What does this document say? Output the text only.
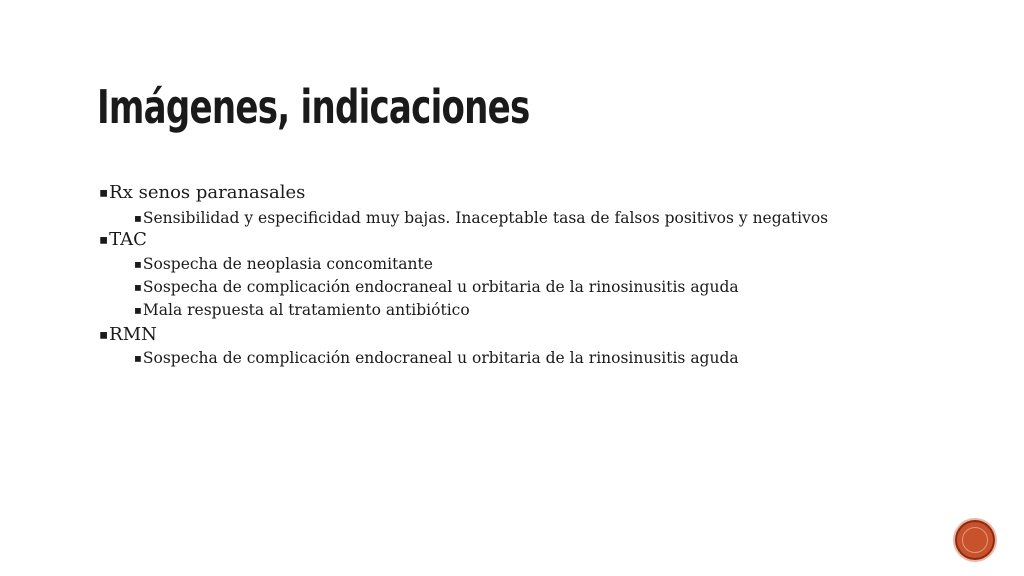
Imágenes, indicaciones
▪Rx senos paranasales
▪Sensibilidad y especificidad muy bajas. Inaceptable tasa de falsos positivos y negativos
▪TAC
▪Sospecha de neoplasia concomitante
▪Sospecha de complicación endocraneal u orbitaria de la rinosinusitis aguda
▪Mala respuesta al tratamiento antibiótico
▪RMN
▪Sospecha de complicación endocraneal u orbitaria de la rinosinusitis aguda
